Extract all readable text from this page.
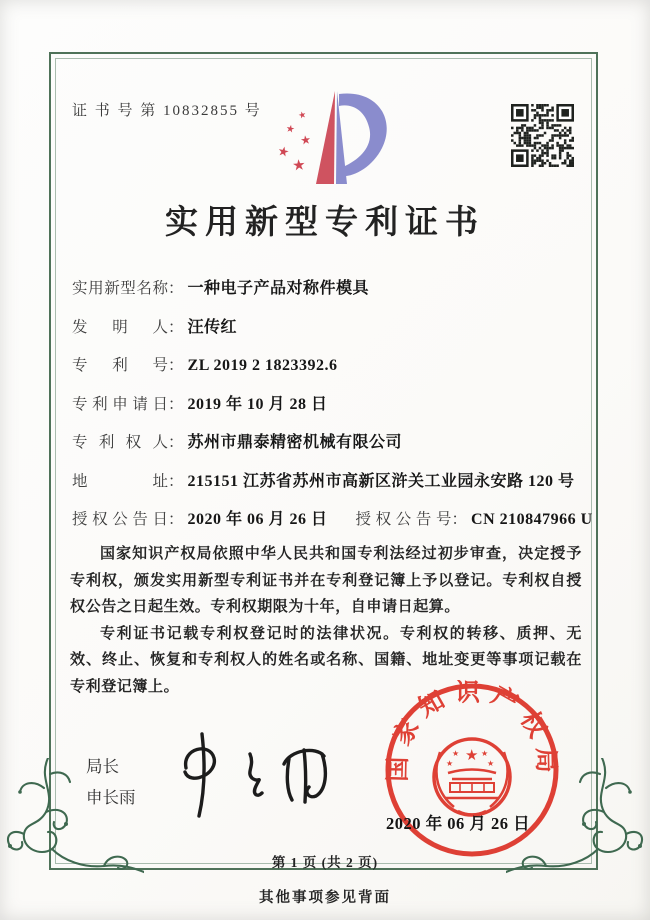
证 书 号 第 10832855 号	★
★
★
★
★
实用新型专利证书
实用新型名称： 一种电子产品对称件模具
发明人： 汪传红
专利号： ZL 2019 2 1823392.6
专利申请日： 2019 年 10 月 28 日
专利权人： 苏州市鼎泰精密机械有限公司
地址： 215151 江苏省苏州市高新区浒关工业园永安路 120 号
授权公告日： 2020 年 06 月 26 日 授权公告号： CN 210847966 U

国家知识产权局依照中华人民共和国专利法经过初步审查，决定授予专利权，颁发实用新型专利证书并在专利登记簿上予以登记。专利权自授权公告之日起生效。专利权期限为十年，自申请日起算。

专利证书记载专利权登记时的法律状况。专利权的转移、质押、无效、终止、恢复和专利权人的姓名或名称、国籍、地址变更等事项记载在专利登记簿上。

局长
申长雨
国家知识产权局
★
★	★
★	★
2020 年 06 月 26 日
第 1 页 (共 2 页)
其他事项参见背面
